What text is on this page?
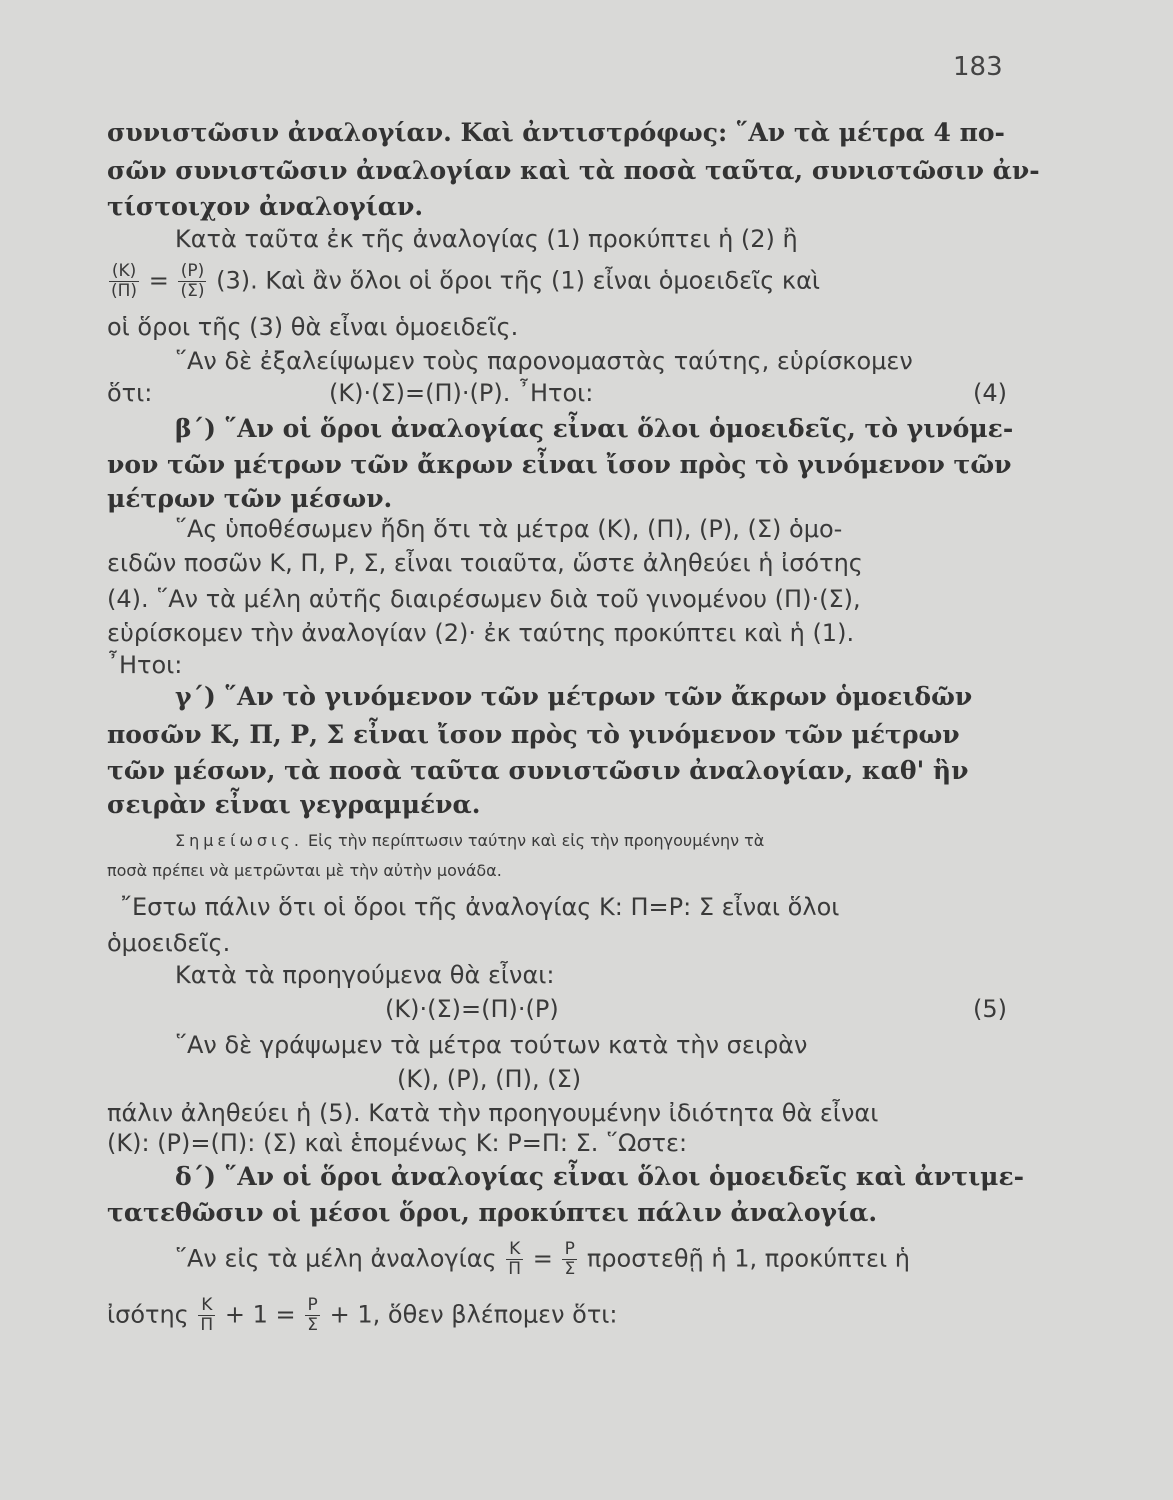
183
συνιστῶσιν ἀναλογίαν. Καὶ ἀντιστρόφως: ῞Αν τὰ μέτρα 4 πο-
σῶν συνιστῶσιν ἀναλογίαν καὶ τὰ ποσὰ ταῦτα, συνιστῶσιν ἀν-
τίστοιχον ἀναλογίαν.
Κατὰ ταῦτα ἐκ τῆς ἀναλογίας (1) προκύπτει ἡ (2) ἢ
$\frac{(K)}{(\Pi)} = \frac{(P)}{(\Sigma)} (3)$. Καὶ ἂν ὅλοι οἱ ὅροι τῆς (1) εἶναι ὁμοειδεῖς καὶ
οἱ ὅροι τῆς (3) θὰ εἶναι ὁμοειδεῖς.
῞Αν δὲ ἐξαλείψωμεν τοὺς παρονομαστὰς ταύτης, εὑρίσκομεν
ὅτι:	(Κ)·(Σ)=(Π)·(Ρ). ῏Ητοι:	(4)
β΄) ῞Αν οἱ ὅροι ἀναλογίας εἶναι ὅλοι ὁμοειδεῖς, τὸ γινόμε-
νον τῶν μέτρων τῶν ἄκρων εἶναι ἴσον πρὸς τὸ γινόμενον τῶν
μέτρων τῶν μέσων.
῞Ας ὑποθέσωμεν ἤδη ὅτι τὰ μέτρα (Κ), (Π), (Ρ), (Σ) ὁμο-
ειδῶν ποσῶν Κ, Π, Ρ, Σ, εἶναι τοιαῦτα, ὥστε ἀληθεύει ἡ ἰσότης
(4). ῞Αν τὰ μέλη αὐτῆς διαιρέσωμεν διὰ τοῦ γινομένου (Π)·(Σ),
εὑρίσκομεν τὴν ἀναλογίαν (2)· ἐκ ταύτης προκύπτει καὶ ἡ (1).
῏Ητοι:
γ΄) ῞Αν τὸ γινόμενον τῶν μέτρων τῶν ἄκρων ὁμοειδῶν
ποσῶν Κ, Π, Ρ, Σ εἶναι ἴσον πρὸς τὸ γινόμενον τῶν μέτρων
τῶν μέσων, τὰ ποσὰ ταῦτα συνιστῶσιν ἀναλογίαν, καθ' ἣν
σειρὰν εἶναι γεγραμμένα.
Σημείωσις. Εἰς τὴν περίπτωσιν ταύτην καὶ εἰς τὴν προηγουμένην τὰ
ποσὰ πρέπει νὰ μετρῶνται μὲ τὴν αὐτὴν μονάδα.
῎Εστω πάλιν ὅτι οἱ ὅροι τῆς ἀναλογίας Κ: Π=Ρ: Σ εἶναι ὅλοι
ὁμοειδεῖς.
Κατὰ τὰ προηγούμενα θὰ εἶναι:
(Κ)·(Σ)=(Π)·(Ρ)	(5)
῞Αν δὲ γράψωμεν τὰ μέτρα τούτων κατὰ τὴν σειρὰν
(Κ), (Ρ), (Π), (Σ)
πάλιν ἀληθεύει ἡ (5). Κατὰ τὴν προηγουμένην ἰδιότητα θὰ εἶναι
(Κ): (Ρ)=(Π): (Σ) καὶ ἑπομένως Κ: Ρ=Π: Σ. ῞Ωστε:
δ΄) ῞Αν οἱ ὅροι ἀναλογίας εἶναι ὅλοι ὁμοειδεῖς καὶ ἀντιμε-
τατεθῶσιν οἱ μέσοι ὅροι, προκύπτει πάλιν ἀναλογία.
῞Αν εἰς τὰ μέλη ἀναλογίας $\frac{K}{\Pi} = \frac{P}{\Sigma}$ προστεθῇ ἡ 1, προκύπτει ἡ
ἰσότης $\frac{K}{\Pi} + 1 = \frac{P}{\Sigma} + 1$, ὅθεν βλέπομεν ὅτι:
